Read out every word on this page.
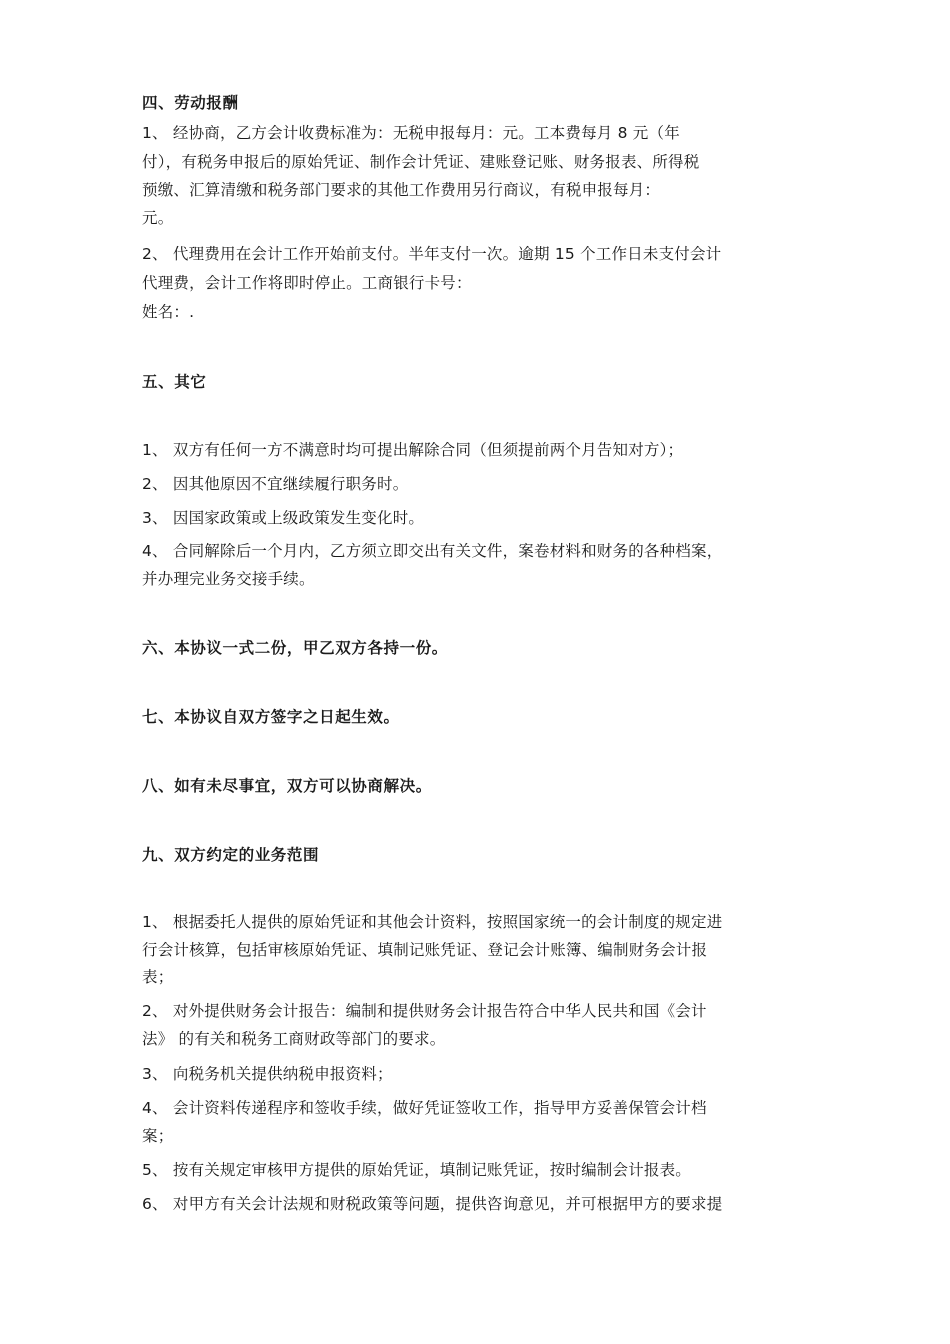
四、劳动报酬
1、 经协商，乙方会计收费标准为：无税申报每月：元。工本费每月 8 元（年
付），有税务申报后的原始凭证、制作会计凭证、建账登记账、财务报表、所得税
预缴、汇算清缴和税务部门要求的其他工作费用另行商议，有税申报每月：
元。
2、 代理费用在会计工作开始前支付。半年支付一次。逾期 15 个工作日未支付会计
代理费，会计工作将即时停止。工商银行卡号：
姓名：.
五、其它
1、 双方有任何一方不满意时均可提出解除合同（但须提前两个月告知对方）；
2、 因其他原因不宜继续履行职务时。
3、 因国家政策或上级政策发生变化时。
4、 合同解除后一个月内，乙方须立即交出有关文件，案卷材料和财务的各种档案，
并办理完业务交接手续。
六、本协议一式二份，甲乙双方各持一份。
七、本协议自双方签字之日起生效。
八、如有未尽事宜，双方可以协商解决。
九、双方约定的业务范围
1、 根据委托人提供的原始凭证和其他会计资料，按照国家统一的会计制度的规定进
行会计核算，包括审核原始凭证、填制记账凭证、登记会计账簿、编制财务会计报
表；
2、 对外提供财务会计报告：编制和提供财务会计报告符合中华人民共和国《会计
法》 的有关和税务工商财政等部门的要求。
3、 向税务机关提供纳税申报资料；
4、 会计资料传递程序和签收手续，做好凭证签收工作，指导甲方妥善保管会计档
案；
5、 按有关规定审核甲方提供的原始凭证，填制记账凭证，按时编制会计报表。
6、 对甲方有关会计法规和财税政策等问题，提供咨询意见，并可根据甲方的要求提
